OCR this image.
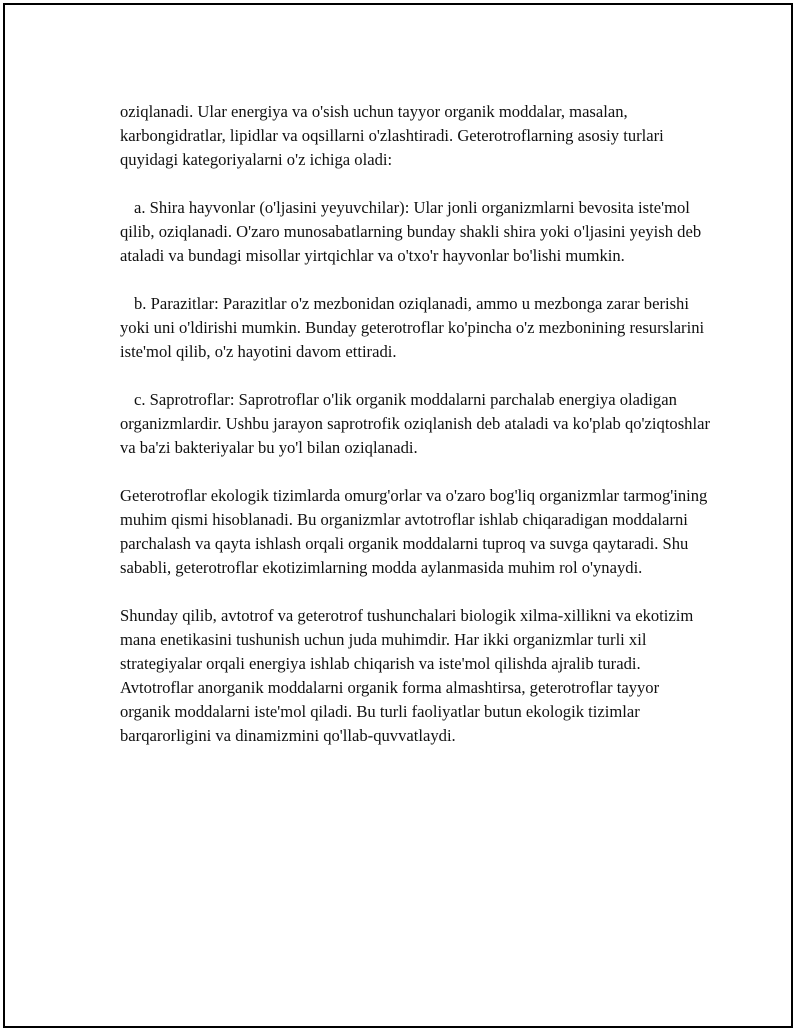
oziqlanadi. Ular energiya va o'sish uchun tayyor organik moddalar, masalan, karbongidratlar, lipidlar va oqsillarni o'zlashtiradi. Geterotroflarning asosiy turlari quyidagi kategoriyalarni o'z ichiga oladi:

a. Shira hayvonlar (o'ljasini yeyuvchilar): Ular jonli organizmlarni bevosita iste'mol qilib, oziqlanadi. O'zaro munosabatlarning bunday shakli shira yoki o'ljasini yeyish deb ataladi va bundagi misollar yirtqichlar va o'txo'r hayvonlar bo'lishi mumkin.

b. Parazitlar: Parazitlar o'z mezbonidan oziqlanadi, ammo u mezbonga zarar berishi yoki uni o'ldirishi mumkin. Bunday geterotroflar ko'pincha o'z mezbonining resurslarini iste'mol qilib, o'z hayotini davom ettiradi.

c. Saprotroflar: Saprotroflar o'lik organik moddalarni parchalab energiya oladigan organizmlardir. Ushbu jarayon saprotrofik oziqlanish deb ataladi va ko'plab qo'ziqtoshlar va ba'zi bakteriyalar bu yo'l bilan oziqlanadi.

Geterotroflar ekologik tizimlarda omurg'orlar va o'zaro bog'liq organizmlar tarmog'ining muhim qismi hisoblanadi. Bu organizmlar avtotroflar ishlab chiqaradigan moddalarni parchalash va qayta ishlash orqali organik moddalarni tuproq va suvga qaytaradi. Shu sababli, geterotroflar ekotizimlarning modda aylanmasida muhim rol o'ynaydi.

Shunday qilib, avtotrof va geterotrof tushunchalari biologik xilma-xillikni va ekotizim mana enetikasini tushunish uchun juda muhimdir. Har ikki organizmlar turli xil strategiyalar orqali energiya ishlab chiqarish va iste'mol qilishda ajralib turadi. Avtotroflar anorganik moddalarni organik forma almashtirsa, geterotroflar tayyor organik moddalarni iste'mol qiladi. Bu turli faoliyatlar butun ekologik tizimlar barqarorligini va dinamizmini qo'llab-quvvatlaydi.
